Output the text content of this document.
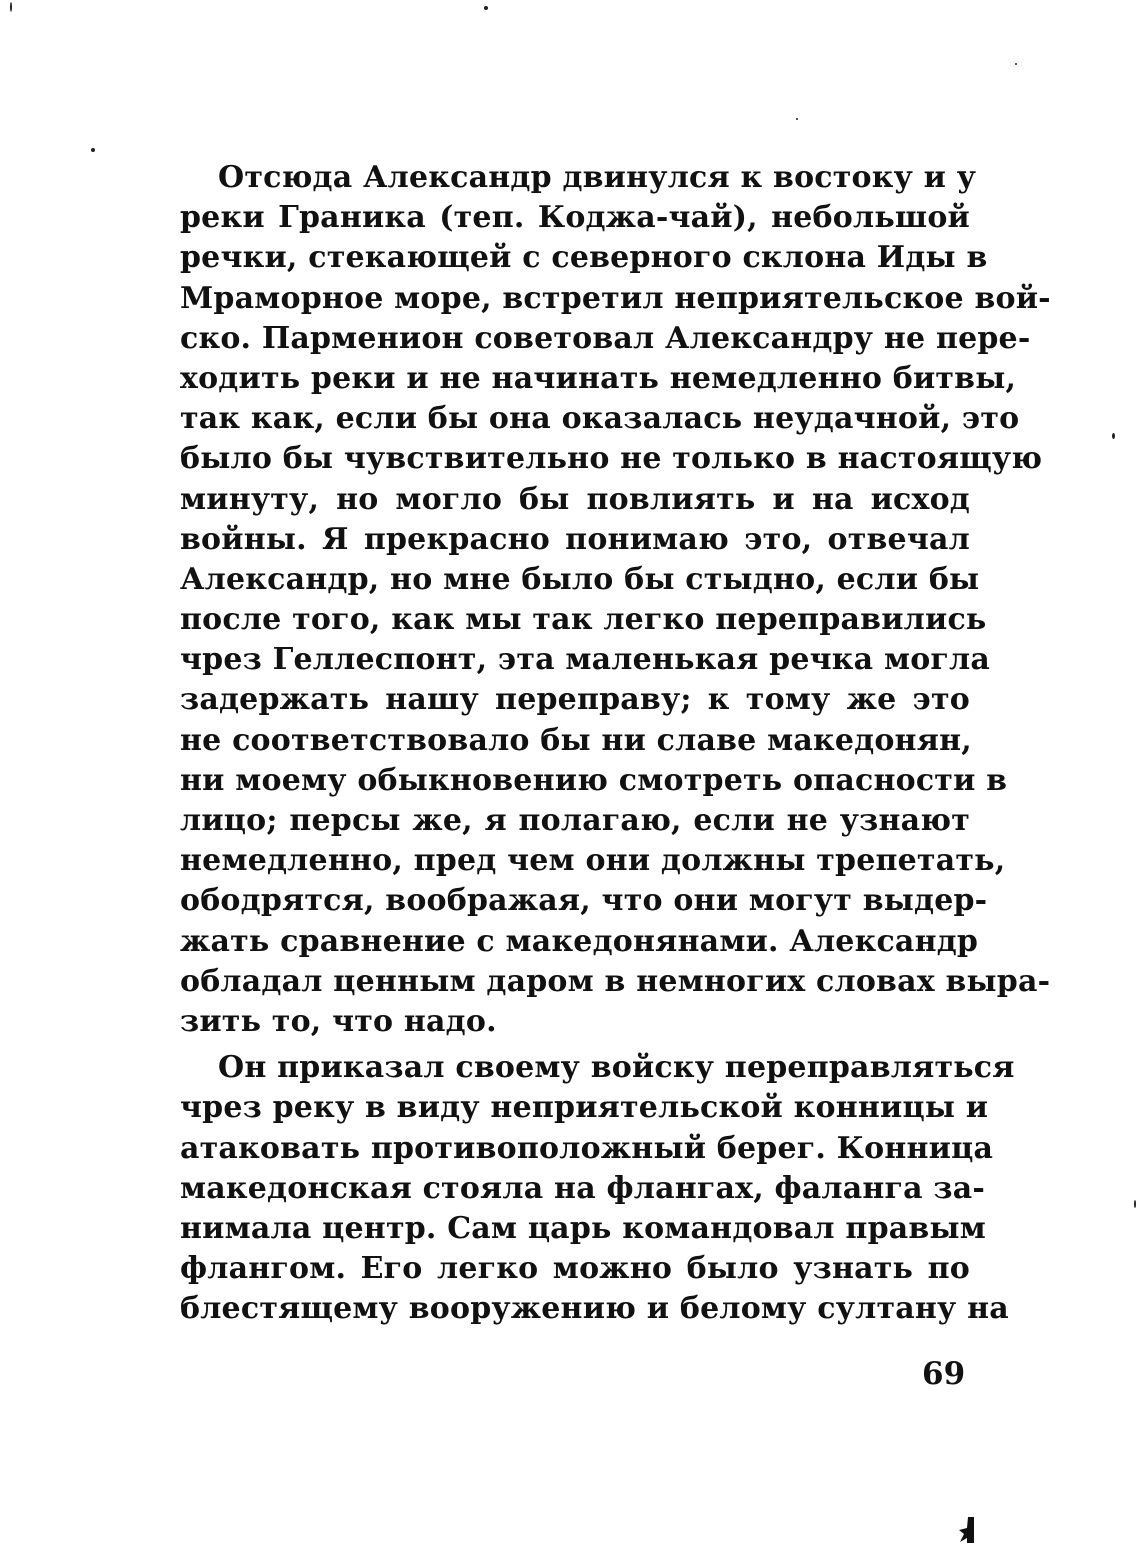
Отсюда Александр двинулся к востоку и у
реки Граника (теп. Коджа-чай), небольшой
речки, стекающей с северного склона Иды в
Мраморное море, встретил неприятельское вой-
ско. Парменион советовал Александру не пере-
ходить реки и не начинать немедленно битвы,
так как, если бы она оказалась неудачной, это
было бы чувствительно не только в настоящую
минуту, но могло бы повлиять и на исход
войны. Я прекрасно понимаю это, отвечал
Александр, но мне было бы стыдно, если бы
после того, как мы так легко переправились
чрез Геллеспонт, эта маленькая речка могла
задержать нашу переправу; к тому же это
не соответствовало бы ни славе македонян,
ни моему обыкновению смотреть опасности в
лицо; персы же, я полагаю, если не узнают
немедленно, пред чем они должны трепетать,
ободрятся, воображая, что они могут выдер-
жать сравнение с македонянами. Александр
обладал ценным даром в немногих словах выра-
зить то, что надо.
Он приказал своему войску переправляться
чрез реку в виду неприятельской конницы и
атаковать противоположный берег. Конница
македонская стояла на флангах, фаланга за-
нимала центр. Сам царь командовал правым
флангом. Его легко можно было узнать по
блестящему вооружению и белому султану на
69
